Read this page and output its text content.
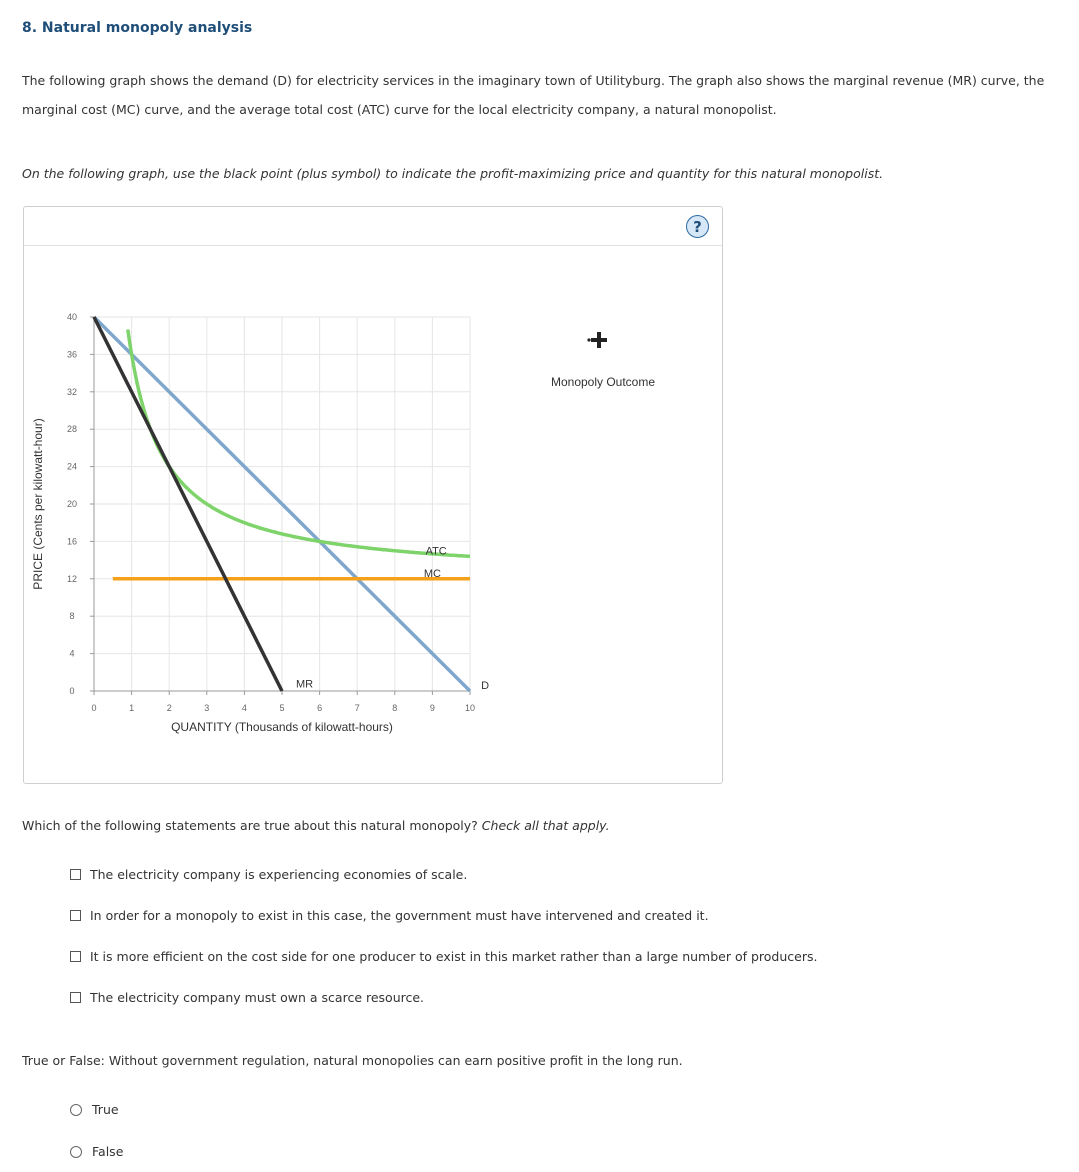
8. Natural monopoly analysis
The following graph shows the demand (D) for electricity services in the imaginary town of Utilityburg. The graph also shows the marginal revenue (MR) curve, the marginal cost (MC) curve, and the average total cost (ATC) curve for the local electricity company, a natural monopolist.
On the following graph, use the black point (plus symbol) to indicate the profit-maximizing price and quantity for this natural monopolist.
?
0
4
8
12
16
20
24
28
32
36
40
0	1	2	3	4	5	6	7	8	9	10
QUANTITY (Thousands of kilowatt-hours)
PRICE (Cents per kilowatt-hour)
D
MR
ATC
MC
Monopoly Outcome
Which of the following statements are true about this natural monopoly? Check all that apply.
The electricity company is experiencing economies of scale.
In order for a monopoly to exist in this case, the government must have intervened and created it.
It is more efficient on the cost side for one producer to exist in this market rather than a large number of producers.
The electricity company must own a scarce resource.
True or False: Without government regulation, natural monopolies can earn positive profit in the long run.
True
False
